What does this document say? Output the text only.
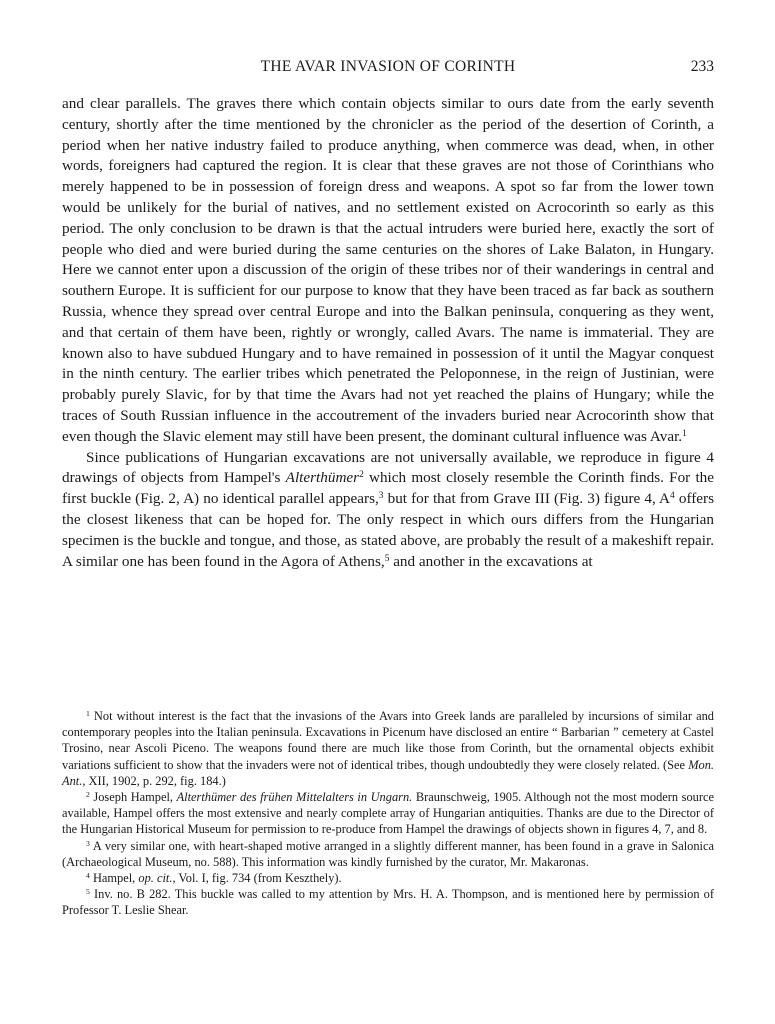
THE AVAR INVASION OF CORINTH	233

and clear parallels. The graves there which contain objects similar to ours date from the early seventh century, shortly after the time mentioned by the chronicler as the period of the desertion of Corinth, a period when her native industry failed to produce anything, when commerce was dead, when, in other words, foreigners had captured the region. It is clear that these graves are not those of Corinthians who merely happened to be in possession of foreign dress and weapons. A spot so far from the lower town would be unlikely for the burial of natives, and no settlement existed on Acrocorinth so early as this period. The only conclusion to be drawn is that the actual intruders were buried here, exactly the sort of people who died and were buried during the same centuries on the shores of Lake Balaton, in Hungary. Here we cannot enter upon a discussion of the origin of these tribes nor of their wanderings in central and southern Europe. It is sufficient for our purpose to know that they have been traced as far back as southern Russia, whence they spread over central Europe and into the Balkan peninsula, conquering as they went, and that certain of them have been, rightly or wrongly, called Avars. The name is immaterial. They are known also to have subdued Hungary and to have remained in possession of it until the Magyar conquest in the ninth century. The earlier tribes which penetrated the Peloponnese, in the reign of Justinian, were probably purely Slavic, for by that time the Avars had not yet reached the plains of Hungary; while the traces of South Russian influence in the accoutrement of the invaders buried near Acrocorinth show that even though the Slavic element may still have been present, the dominant cultural influence was Avar.$^1$

Since publications of Hungarian excavations are not universally available, we reproduce in figure 4 drawings of objects from Hampel's Alterthümer$^2$ which most closely resemble the Corinth finds. For the first buckle (Fig. 2, A) no identical parallel appears,$^3$ but for that from Grave III (Fig. 3) figure 4, $A^4$ offers the closest likeness that can be hoped for. The only respect in which ours differs from the Hungarian specimen is the buckle and tongue, and those, as stated above, are probably the result of a makeshift repair. A similar one has been found in the Agora of Athens,$^5$ and another in the excavations at

$^1$ Not without interest is the fact that the invasions of the Avars into Greek lands are paralleled by incursions of similar and contemporary peoples into the Italian peninsula. Excavations in Picenum have disclosed an entire “ Barbarian ” cemetery at Castel Trosino, near Ascoli Piceno. The weapons found there are much like those from Corinth, but the ornamental objects exhibit variations sufficient to show that the invaders were not of identical tribes, though undoubtedly they were closely related. (See Mon. Ant., XII, 1902, p. 292, fig. 184.)

$^2$ Joseph Hampel, Alterthümer des frühen Mittelalters in Ungarn. Braunschweig, 1905. Although not the most modern source available, Hampel offers the most extensive and nearly complete array of Hungarian antiquities. Thanks are due to the Director of the Hungarian Historical Museum for permission to re-produce from Hampel the drawings of objects shown in figures 4, 7, and 8.

$^3$ A very similar one, with heart-shaped motive arranged in a slightly different manner, has been found in a grave in Salonica (Archaeological Museum, no. 588). This information was kindly furnished by the curator, Mr. Makaronas.

$^4$ Hampel, op. cit., Vol. I, fig. 734 (from Keszthely).

$^5$ Inv. no. B 282. This buckle was called to my attention by Mrs. H. A. Thompson, and is mentioned here by permission of Professor T. Leslie Shear.
